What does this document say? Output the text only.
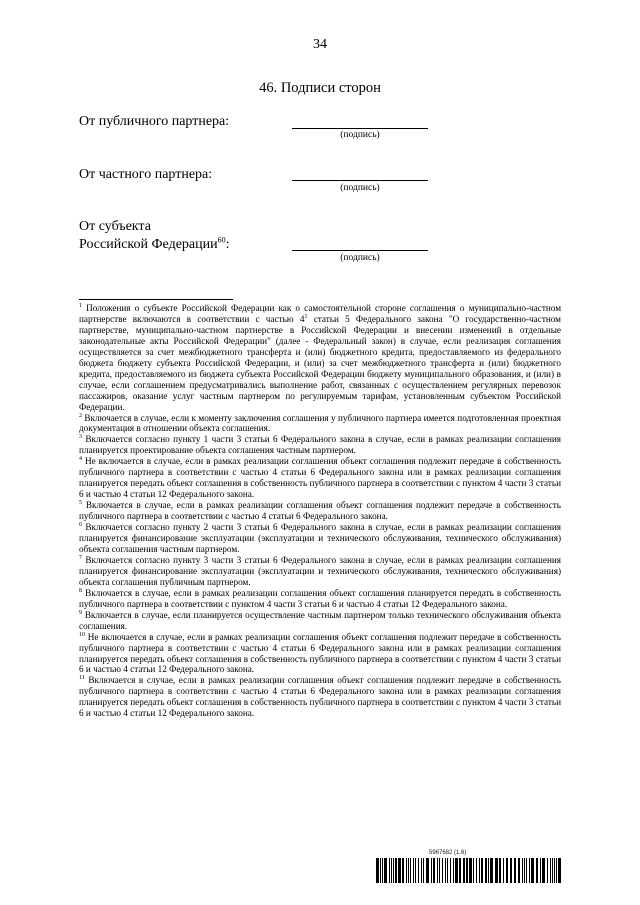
34
46. Подписи сторон
От публичного партнера:
(подпись)
От частного партнера:
(подпись)
От субъекта
Российской Федерации$^{60}$:
(подпись)

$^1$ Положения о субъекте Российской Федерации как о самостоятельной стороне соглашения о муниципально-частном партнерстве включаются в соответствии с частью $4^1$ статьи 5 Федерального закона "О государственно-частном партнерстве, муниципально-частном партнерстве в Российской Федерации и внесении изменений в отдельные законодательные акты Российской Федерации" (далее - Федеральный закон) в случае, если реализация соглашения осуществляется за счет межбюджетного трансферта и (или) бюджетного кредита, предоставляемого из федерального бюджета бюджету субъекта Российской Федерации, и (или) за счет межбюджетного трансферта и (или) бюджетного кредита, предоставляемого из бюджета субъекта Российской Федерации бюджету муниципального образования, и (или) в случае, если соглашением предусматривались выполнение работ, связанных с осуществлением регулярных перевозок пассажиров, оказание услуг частным партнером по регулируемым тарифам, установленным субъектом Российской Федерации.

$^2$ Включается в случае, если к моменту заключения соглашения у публичного партнера имеется подготовленная проектная документация в отношении объекта соглашения.

$^3$ Включается согласно пункту 1 части 3 статьи 6 Федерального закона в случае, если в рамках реализации соглашения планируется проектирование объекта соглашения частным партнером.

$^4$ Не включается в случае, если в рамках реализации соглашения объект соглашения подлежит передаче в собственность публичного партнера в соответствии с частью 4 статьи 6 Федерального закона или в рамках реализации соглашения планируется передать объект соглашения в собственность публичного партнера в соответствии с пунктом 4 части 3 статьи 6 и частью 4 статьи 12 Федерального закона.

$^5$ Включается в случае, если в рамках реализации соглашения объект соглашения подлежит передаче в собственность публичного партнера в соответствии с частью 4 статьи 6 Федерального закона.

$^6$ Включается согласно пункту 2 части 3 статьи 6 Федерального закона в случае, если в рамках реализации соглашения планируется финансирование эксплуатации (эксплуатации и технического обслуживания, технического обслуживания) объекта соглашения частным партнером.

$^7$ Включается согласно пункту 3 части 3 статьи 6 Федерального закона в случае, если в рамках реализации соглашения планируется финансирование эксплуатации (эксплуатации и технического обслуживания, технического обслуживания) объекта соглашения публичным партнером.

$^8$ Включается в случае, если в рамках реализации соглашения объект соглашения планируется передать в собственность публичного партнера в соответствии с пунктом 4 части 3 статьи 6 и частью 4 статьи 12 Федерального закона.

$^9$ Включается в случае, если планируется осуществление частным партнером только технического обслуживания объекта соглашения.

$^{10}$ Не включается в случае, если в рамках реализации соглашения объект соглашения подлежит передаче в собственность публичного партнера в соответствии с частью 4 статьи 6 Федерального закона или в рамках реализации соглашения планируется передать объект соглашения в собственность публичного партнера в соответствии с пунктом 4 части 3 статьи 6 и частью 4 статьи 12 Федерального закона.

$^{11}$ Включается в случае, если в рамках реализации соглашения объект соглашения подлежит передаче в собственность публичного партнера в соответствии с частью 4 статьи 6 Федерального закона или в рамках реализации соглашения планируется передать объект соглашения в собственность публичного партнера в соответствии с пунктом 4 части 3 статьи 6 и частью 4 статьи 12 Федерального закона.

5967682 (1.6)
